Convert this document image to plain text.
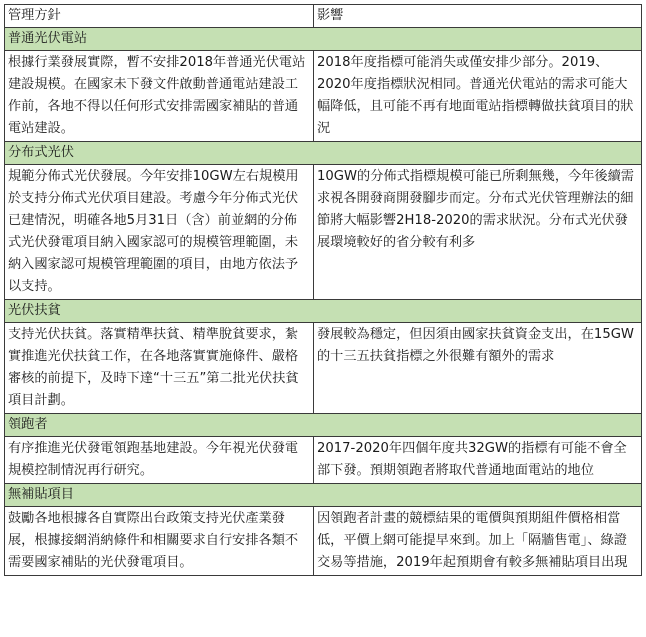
管理方針	影響
普通光伏電站	
根據行業發展實際，暫不安排2018年普通光伏電站建設規模。在國家未下發文件啟動普通電站建設工作前，各地不得以任何形式安排需國家補貼的普通電站建設。	2018年度指標可能消失或僅安排少部分。2019、2020年度指標狀況相同。普通光伏電站的需求可能大幅降低，且可能不再有地面電站指標轉做扶貧項目的狀況
分布式光伏	
規範分佈式光伏發展。今年安排10GW左右規模用於支持分佈式光伏項目建設。考慮今年分佈式光伏已建情況，明確各地5月31日（含）前並網的分佈式光伏發電項目納入國家認可的規模管理範圍，未納入國家認可規模管理範圍的項目，由地方依法予以支持。	10GW的分佈式指標規模可能已所剩無幾，今年後續需求視各開發商開發腳步而定。分布式光伏管理辦法的細節將大幅影響2H18-2020的需求狀況。分布式光伏發展環境較好的省分較有利多
光伏扶貧	
支持光伏扶貧。落實精準扶貧、精準脫貧要求，紮實推進光伏扶貧工作，在各地落實實施條件、嚴格審核的前提下，及時下達“十三五”第二批光伏扶貧項目計劃。	發展較為穩定，但因須由國家扶貧資金支出，在15GW的十三五扶貧指標之外很難有額外的需求
領跑者	
有序推進光伏發電領跑基地建設。今年視光伏發電規模控制情況再行研究。	2017-2020年四個年度共32GW的指標有可能不會全部下發。預期領跑者將取代普通地面電站的地位
無補貼項目	
鼓勵各地根據各自實際出台政策支持光伏產業發展，根據接網消納條件和相關要求自行安排各類不需要國家補貼的光伏發電項目。	因領跑者計畫的競標結果的電價與預期組件價格相當低，平價上網可能提早來到。加上「隔牆售電」、綠證交易等措施，2019年起預期會有較多無補貼項目出現
